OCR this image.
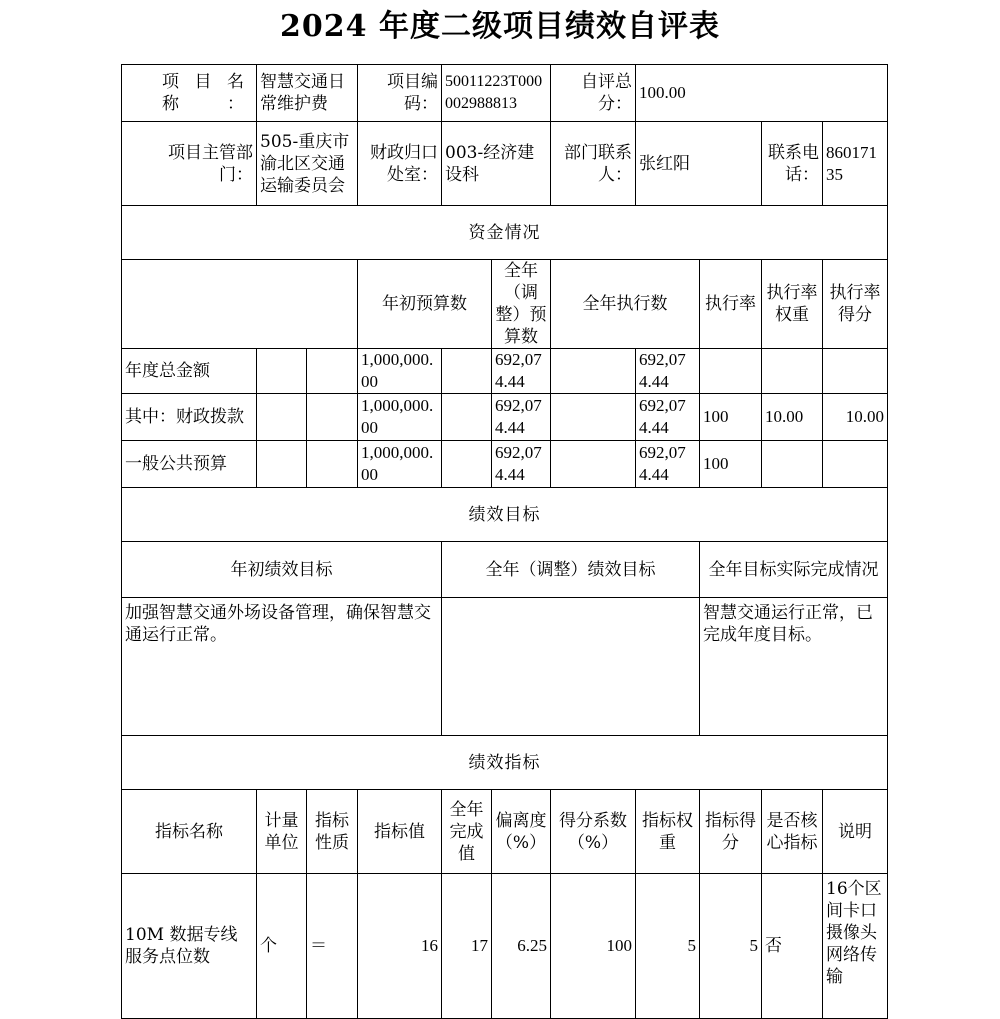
2024 年度二级项目绩效自评表
项目名称：	智慧交通日常维护费		项目编码：	50011223T000002988813		自评总分：	100.00			
项目主管部门：	505-重庆市渝北区交通运输委员会		财政归口处室：	003-经济建设科		部门联系人：	张红阳		联系电话：	86017135
资金情况										
			年初预算数		全年（调整）预算数	全年执行数		执行率	执行率权重	执行率得分
年度总金额			1,000,000.00		692,074.44		692,074.44			
其中：财政拨款			1,000,000.00		692,074.44		692,074.44	100	10.00	10.00
一般公共预算			1,000,000.00		692,074.44		692,074.44	100		
绩效目标										
年初绩效目标				全年（调整）绩效目标				全年目标实际完成情况		
加强智慧交通外场设备管理，确保智慧交通运行正常。								智慧交通运行正常，已完成年度目标。		
绩效指标										
指标名称	计量单位	指标性质	指标值	全年完成值	偏离度（%）	得分系数（%）	指标权重	指标得分	是否核心指标	说明
10M 数据专线服务点位数	个	＝	16	17	6.25	100	5	5	否	16个区间卡口摄像头网络传输
